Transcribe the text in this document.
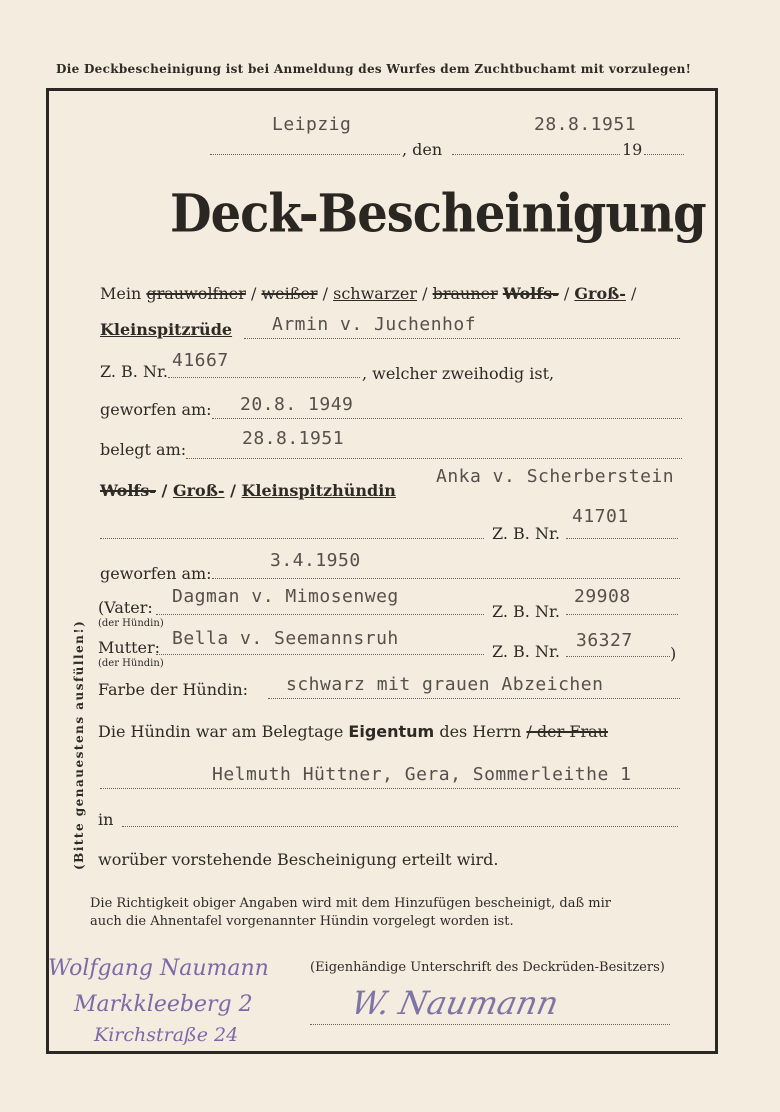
Die Deckbescheinigung ist bei Anmeldung des Wurfes dem Zuchtbuchamt mit vorzulegen!
(Bitte genauestens ausfüllen!)
Leipzig	28.8.1951
, den	19
Deck-Bescheinigung
Mein grauwolfner / weißer / schwarzer / brauner Wolfs- / Groß- /
Kleinspitzrüde Armin v. Juchenhof
Z. B. Nr.
41667
, welcher zweihodig ist,
geworfen am: 20.8. 1949
belegt am:
28.8.1951
Wolfs- / Groß- / Kleinspitzhündin
Anka v. Scherberstein
Z. B. Nr.
41701
geworfen am:
3.4.1950
(Vater:
(der Hündin)
Dagman v. Mimosenweg
Z. B. Nr.
29908
Mutter:
(der Hündin)
Bella v. Seemannsruh
Z. B. Nr.
36327
)
Farbe der Hündin: schwarz mit grauen Abzeichen
Die Hündin war am Belegtage Eigentum des Herrn / der Frau
Helmuth Hüttner, Gera, Sommerleithe 1
in
worüber vorstehende Bescheinigung erteilt wird.
Die Richtigkeit obiger Angaben wird mit dem Hinzufügen bescheinigt, daß mir
auch die Ahnentafel vorgenannter Hündin vorgelegt worden ist.
(Eigenhändige Unterschrift des Deckrüden-Besitzers)
Wolfgang Naumann
Markkleeberg 2
Kirchstraße 24
W. Naumann
